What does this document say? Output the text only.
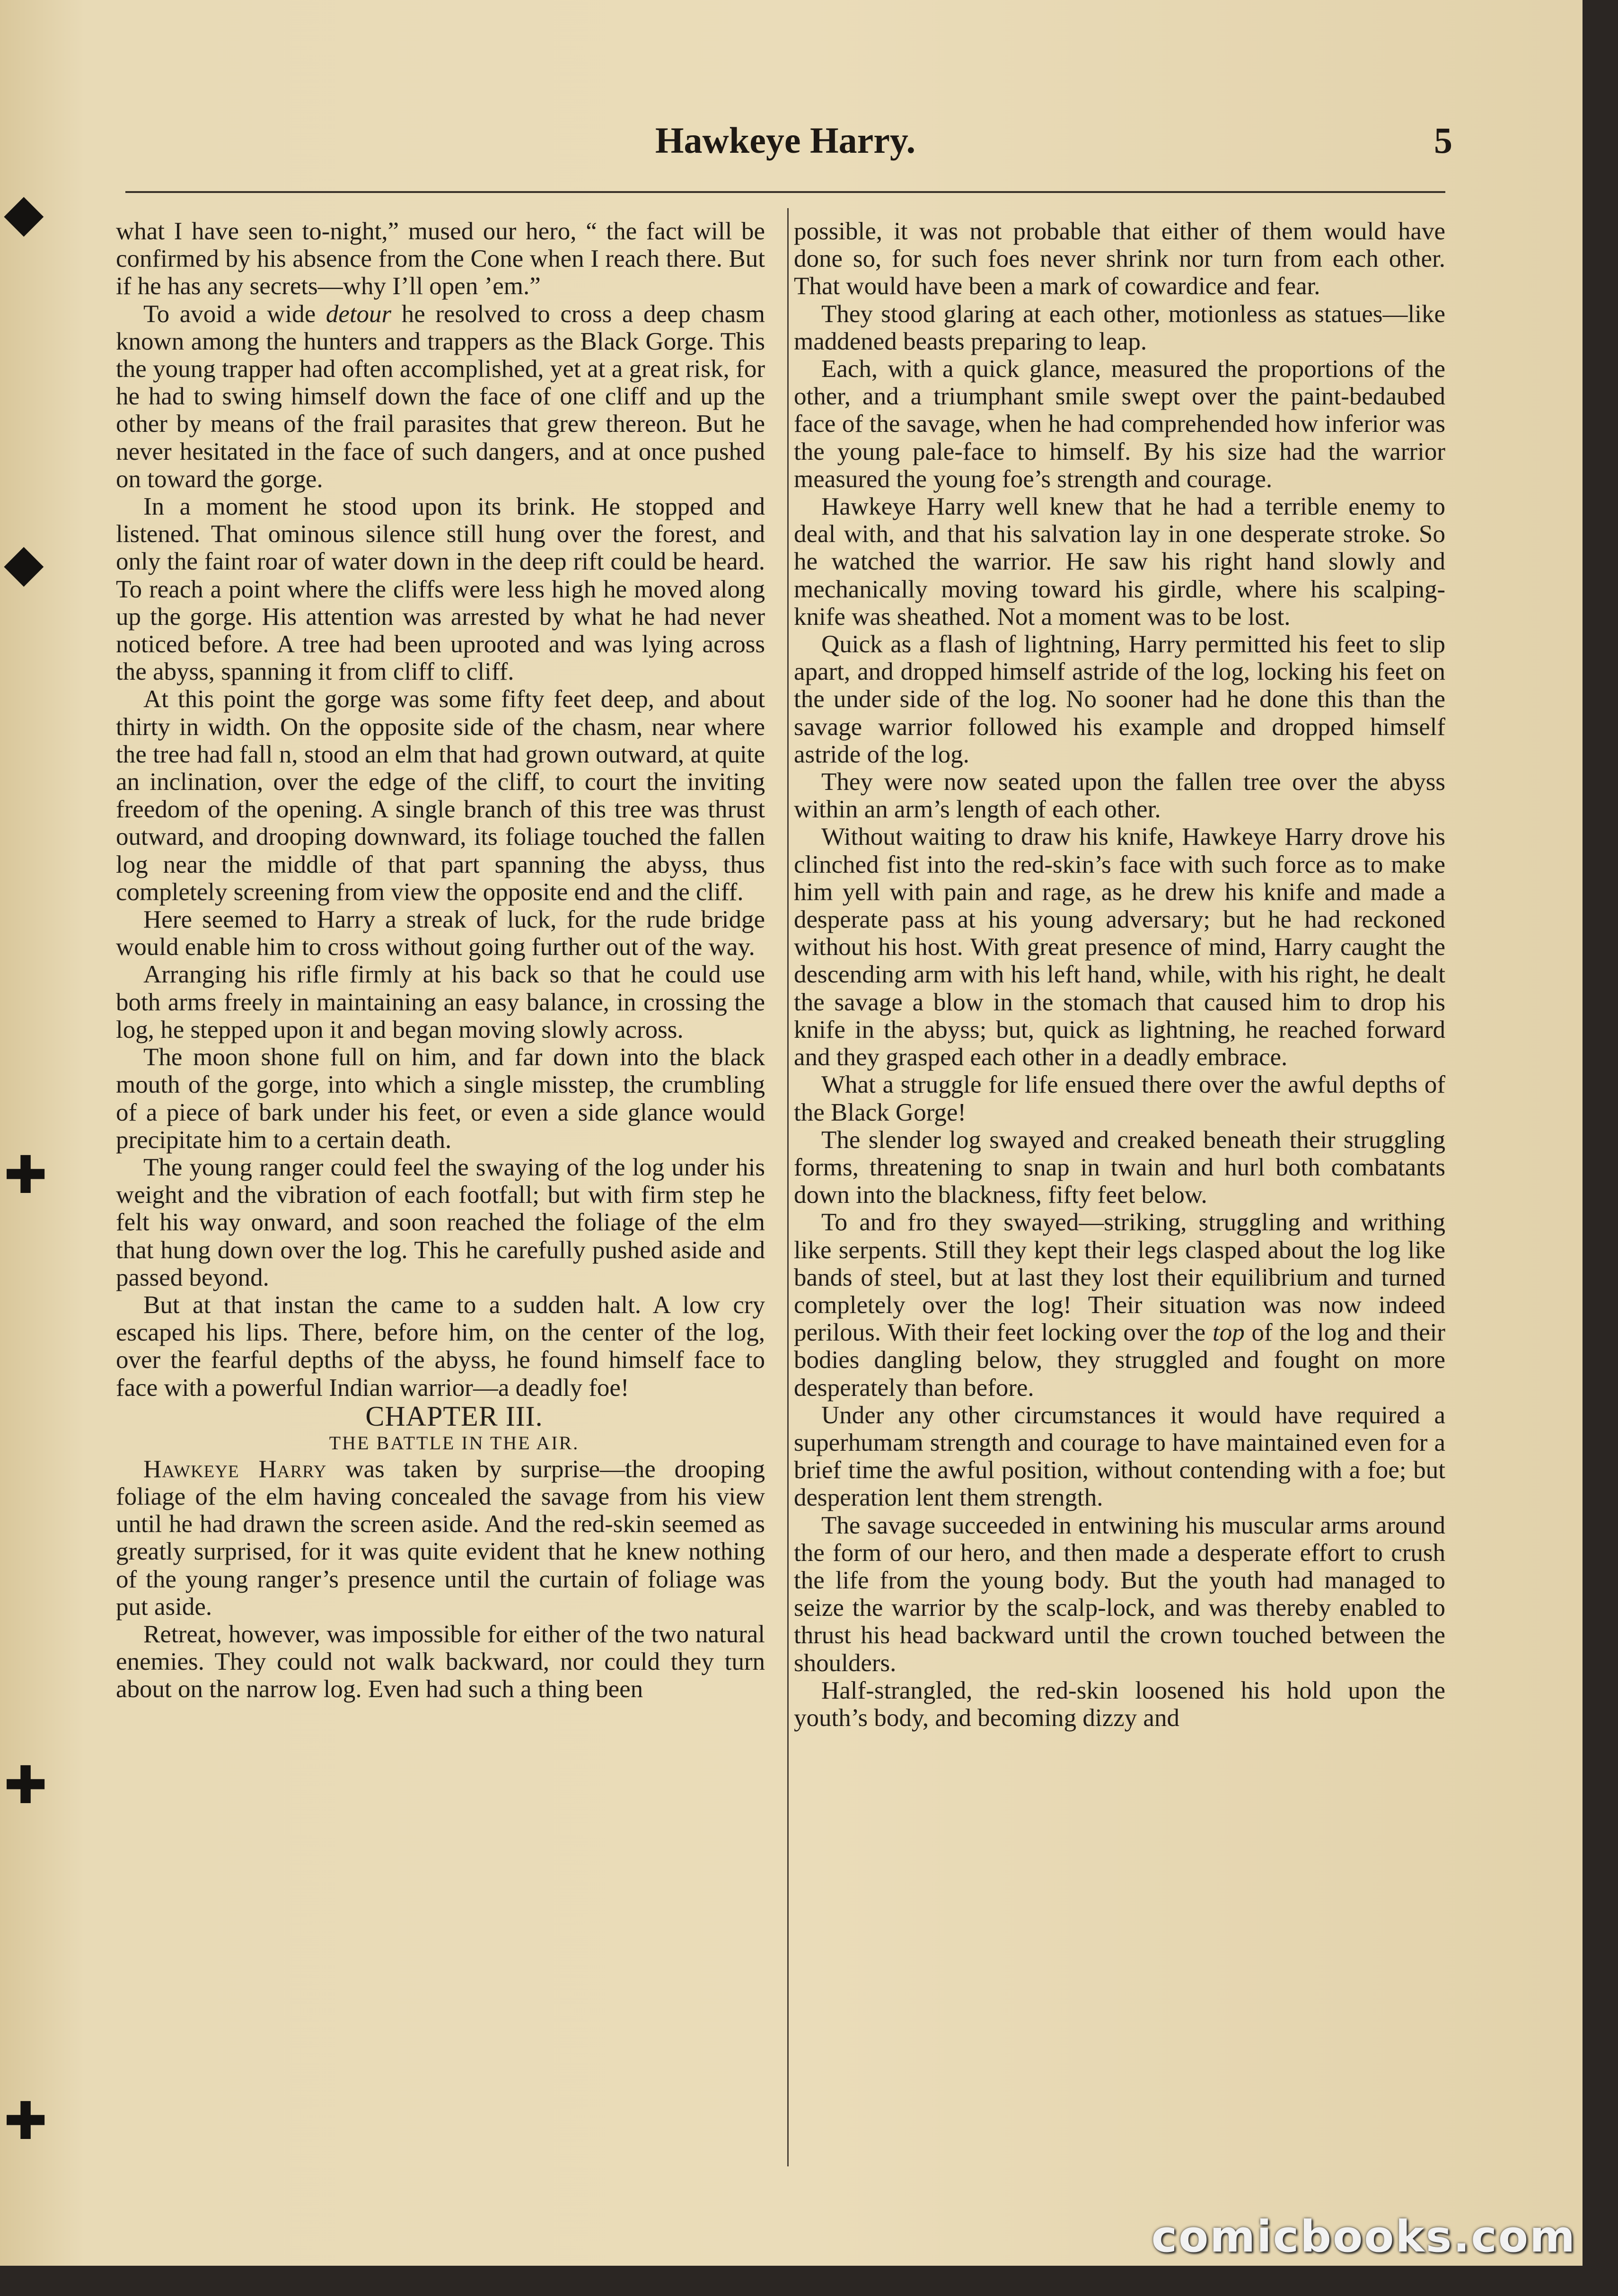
◆
◆
✚
✚
✚
Hawkeye Harry.	5

what I have seen to-night,” mused our hero, “ the fact will be confirmed by his absence from the Cone when I reach there. But if he has any secrets—why I’ll open ’em.”

To avoid a wide detour he resolved to cross a deep chasm known among the hunters and trappers as the Black Gorge. This the young trapper had often accomplished, yet at a great risk, for he had to swing himself down the face of one cliff and up the other by means of the frail parasites that grew thereon. But he never hesitated in the face of such dangers, and at once pushed on toward the gorge.

In a moment he stood upon its brink. He stopped and listened. That ominous silence still hung over the forest, and only the faint roar of water down in the deep rift could be heard. To reach a point where the cliffs were less high he moved along up the gorge. His attention was arrested by what he had never noticed before. A tree had been uprooted and was lying across the abyss, spanning it from cliff to cliff.

At this point the gorge was some fifty feet deep, and about thirty in width. On the opposite side of the chasm, near where the tree had fall n, stood an elm that had grown outward, at quite an inclination, over the edge of the cliff, to court the inviting freedom of the opening. A single branch of this tree was thrust outward, and drooping downward, its foliage touched the fallen log near the middle of that part spanning the abyss, thus completely screening from view the opposite end and the cliff.

Here seemed to Harry a streak of luck, for the rude bridge would enable him to cross without going further out of the way.

Arranging his rifle firmly at his back so that he could use both arms freely in maintaining an easy balance, in crossing the log, he stepped upon it and began moving slowly across.

The moon shone full on him, and far down into the black mouth of the gorge, into which a single misstep, the crumbling of a piece of bark under his feet, or even a side glance would precipitate him to a certain death.

The young ranger could feel the swaying of the log under his weight and the vibration of each footfall; but with firm step he felt his way onward, and soon reached the foliage of the elm that hung down over the log. This he carefully pushed aside and passed beyond.

But at that instan the came to a sudden halt. A low cry escaped his lips. There, before him, on the center of the log, over the fearful depths of the abyss, he found himself face to face with a powerful Indian warrior—a deadly foe!

CHAPTER III.

THE BATTLE IN THE AIR.

Hawkeye Harry was taken by surprise—the drooping foliage of the elm having concealed the savage from his view until he had drawn the screen aside. And the red-skin seemed as greatly surprised, for it was quite evident that he knew nothing of the young ranger’s presence until the curtain of foliage was put aside.

Retreat, however, was impossible for either of the two natural enemies. They could not walk backward, nor could they turn about on the narrow log. Even had such a thing been

possible, it was not probable that either of them would have done so, for such foes never shrink nor turn from each other. That would have been a mark of cowardice and fear.

They stood glaring at each other, motionless as statues—like maddened beasts preparing to leap.

Each, with a quick glance, measured the proportions of the other, and a triumphant smile swept over the paint-bedaubed face of the savage, when he had comprehended how inferior was the young pale-face to himself. By his size had the warrior measured the young foe’s strength and courage.

Hawkeye Harry well knew that he had a terrible enemy to deal with, and that his salvation lay in one desperate stroke. So he watched the warrior. He saw his right hand slowly and mechanically moving toward his girdle, where his scalping-knife was sheathed. Not a moment was to be lost.

Quick as a flash of lightning, Harry permitted his feet to slip apart, and dropped himself astride of the log, locking his feet on the under side of the log. No sooner had he done this than the savage warrior followed his example and dropped himself astride of the log.

They were now seated upon the fallen tree over the abyss within an arm’s length of each other.

Without waiting to draw his knife, Hawkeye Harry drove his clinched fist into the red-skin’s face with such force as to make him yell with pain and rage, as he drew his knife and made a desperate pass at his young adversary; but he had reckoned without his host. With great presence of mind, Harry caught the descending arm with his left hand, while, with his right, he dealt the savage a blow in the stomach that caused him to drop his knife in the abyss; but, quick as lightning, he reached forward and they grasped each other in a deadly embrace.

What a struggle for life ensued there over the awful depths of the Black Gorge!

The slender log swayed and creaked beneath their struggling forms, threatening to snap in twain and hurl both combatants down into the blackness, fifty feet below.

To and fro they swayed—striking, struggling and writhing like serpents. Still they kept their legs clasped about the log like bands of steel, but at last they lost their equilibrium and turned completely over the log! Their situation was now indeed perilous. With their feet locking over the top of the log and their bodies dangling below, they struggled and fought on more desperately than before.

Under any other circumstances it would have required a superhumam strength and courage to have maintained even for a brief time the awful position, without contending with a foe; but desperation lent them strength.

The savage succeeded in entwining his muscular arms around the form of our hero, and then made a desperate effort to crush the life from the young body. But the youth had managed to seize the warrior by the scalp-lock, and was thereby enabled to thrust his head backward until the crown touched between the shoulders.

Half-strangled, the red-skin loosened his hold upon the youth’s body, and becoming dizzy and

comicbooks.com
